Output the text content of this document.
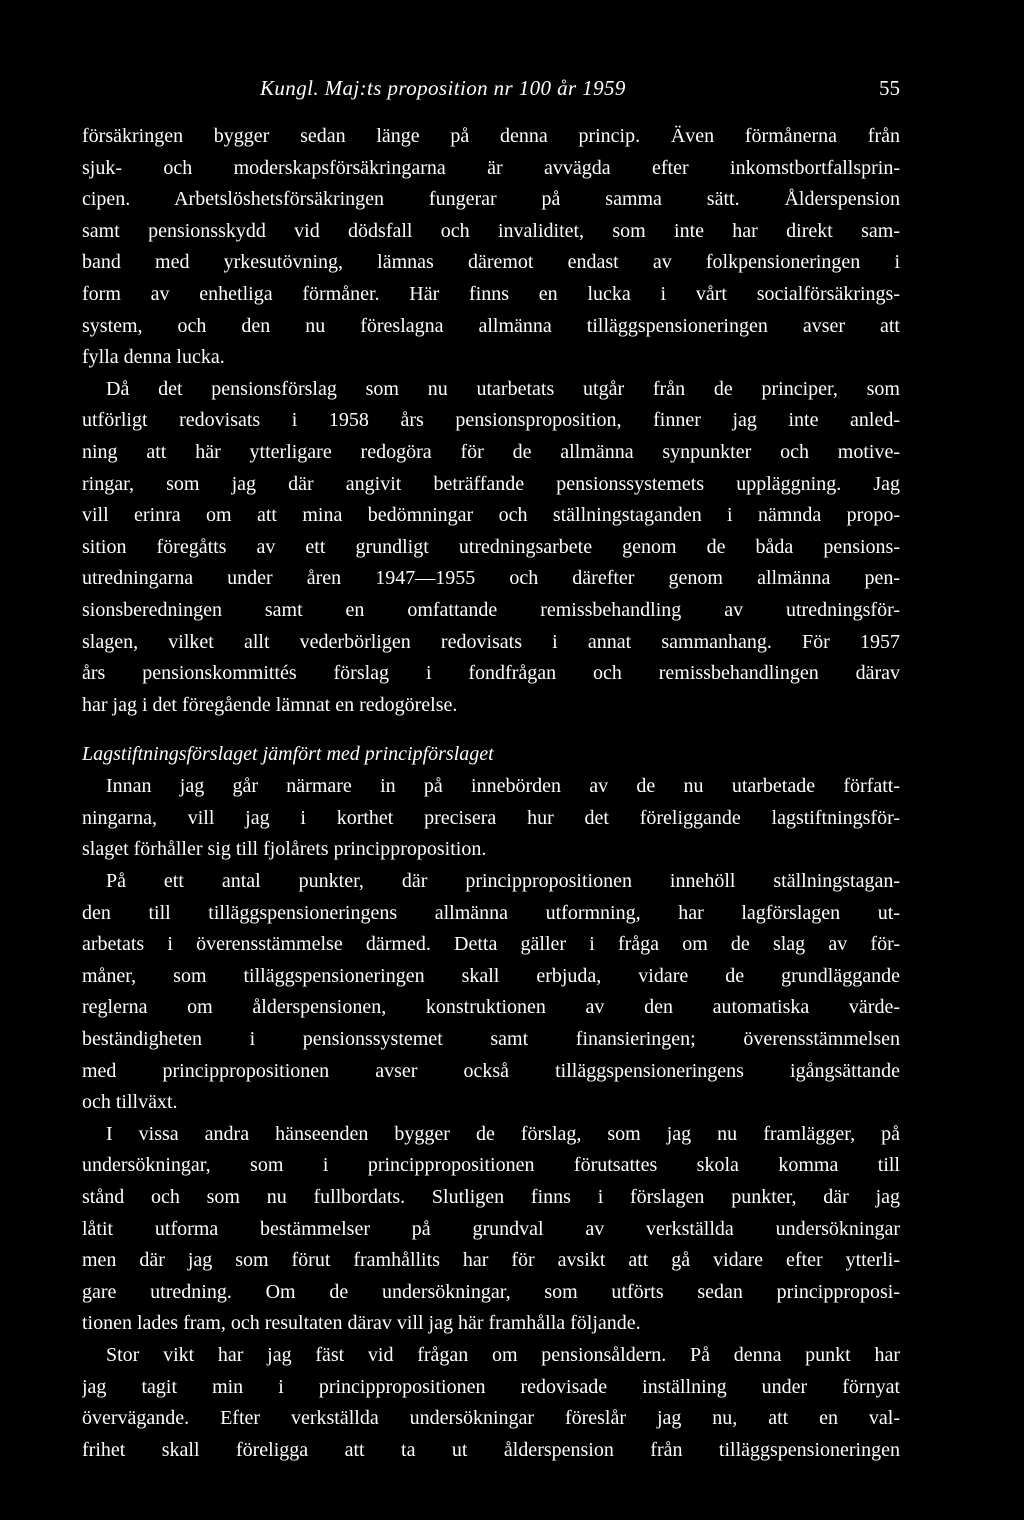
Kungl. Maj:ts proposition nr 100 år 1959	55
försäkringen bygger sedan länge på denna princip. Även förmånerna från
sjuk- och moderskapsförsäkringarna är avvägda efter inkomstbortfallsprin-
cipen. Arbetslöshetsförsäkringen fungerar på samma sätt. Ålderspension
samt pensionsskydd vid dödsfall och invaliditet, som inte har direkt sam-
band med yrkesutövning, lämnas däremot endast av folkpensioneringen i
form av enhetliga förmåner. Här finns en lucka i vårt socialförsäkrings-
system, och den nu föreslagna allmänna tilläggspensioneringen avser att
fylla denna lucka.
Då det pensionsförslag som nu utarbetats utgår från de principer, som
utförligt redovisats i 1958 års pensionsproposition, finner jag inte anled-
ning att här ytterligare redogöra för de allmänna synpunkter och motive-
ringar, som jag där angivit beträffande pensionssystemets uppläggning. Jag
vill erinra om att mina bedömningar och ställningstaganden i nämnda propo-
sition föregåtts av ett grundligt utredningsarbete genom de båda pensions-
utredningarna under åren 1947—1955 och därefter genom allmänna pen-
sionsberedningen samt en omfattande remissbehandling av utredningsför-
slagen, vilket allt vederbörligen redovisats i annat sammanhang. För 1957
års pensionskommittés förslag i fondfrågan och remissbehandlingen därav
har jag i det föregående lämnat en redogörelse.
Lagstiftningsförslaget jämfört med principförslaget
Innan jag går närmare in på innebörden av de nu utarbetade författ-
ningarna, vill jag i korthet precisera hur det föreliggande lagstiftningsför-
slaget förhåller sig till fjolårets principproposition.
På ett antal punkter, där princippropositionen innehöll ställningstagan-
den till tilläggspensioneringens allmänna utformning, har lagförslagen ut-
arbetats i överensstämmelse därmed. Detta gäller i fråga om de slag av för-
måner, som tilläggspensioneringen skall erbjuda, vidare de grundläggande
reglerna om ålderspensionen, konstruktionen av den automatiska värde-
beständigheten i pensionssystemet samt finansieringen; överensstämmelsen
med princippropositionen avser också tilläggspensioneringens igångsättande
och tillväxt.
I vissa andra hänseenden bygger de förslag, som jag nu framlägger, på
undersökningar, som i princippropositionen förutsattes skola komma till
stånd och som nu fullbordats. Slutligen finns i förslagen punkter, där jag
låtit utforma bestämmelser på grundval av verkställda undersökningar
men där jag som förut framhållits har för avsikt att gå vidare efter ytterli-
gare utredning. Om de undersökningar, som utförts sedan principproposi-
tionen lades fram, och resultaten därav vill jag här framhålla följande.
Stor vikt har jag fäst vid frågan om pensionsåldern. På denna punkt har
jag tagit min i princippropositionen redovisade inställning under förnyat
övervägande. Efter verkställda undersökningar föreslår jag nu, att en val-
frihet skall föreligga att ta ut ålderspension från tilläggspensioneringen
